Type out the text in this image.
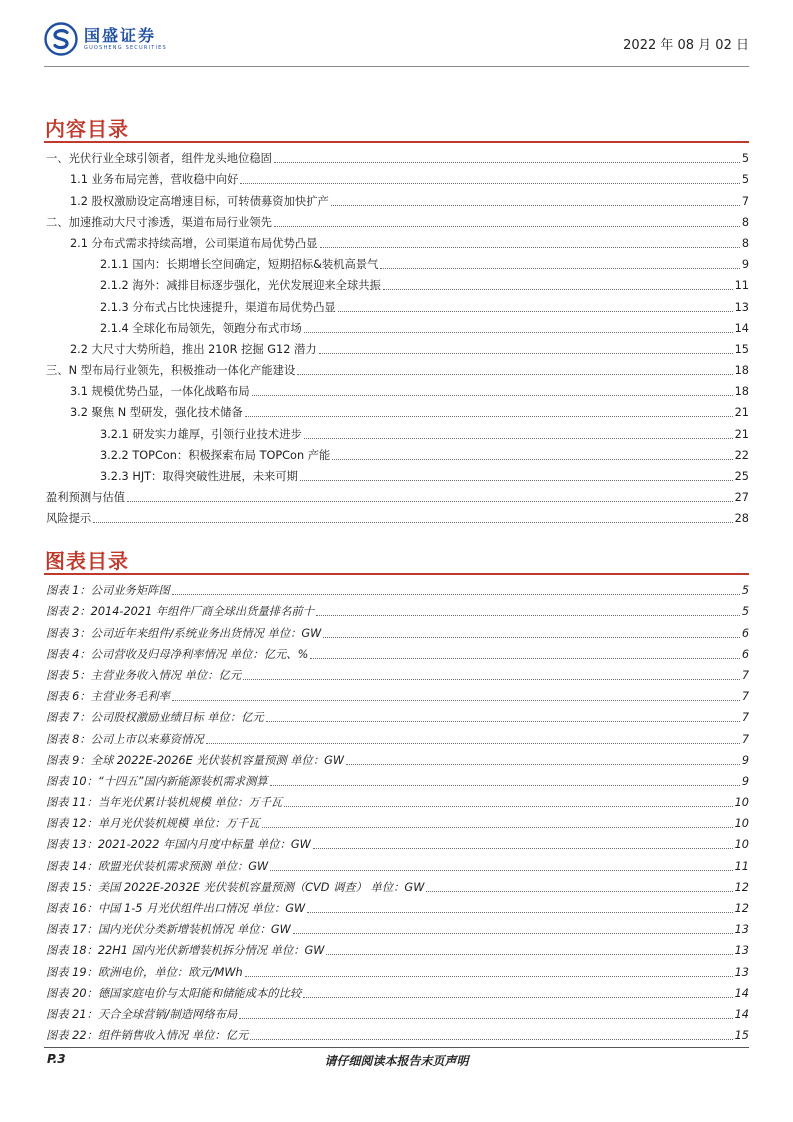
国盛证券
GUOSHENG SECURITIES	2022 年 08 月 02 日
内容目录
一、光伏行业全球引领者，组件龙头地位稳固	5
1.1 业务布局完善，营收稳中向好	5
1.2 股权激励设定高增速目标，可转债募资加快扩产	7
二、加速推动大尺寸渗透，渠道布局行业领先	8
2.1 分布式需求持续高增，公司渠道布局优势凸显	8
2.1.1 国内：长期增长空间确定，短期招标&装机高景气	9
2.1.2 海外：减排目标逐步强化，光伏发展迎来全球共振	11
2.1.3 分布式占比快速提升，渠道布局优势凸显	13
2.1.4 全球化布局领先，领跑分布式市场	14
2.2 大尺寸大势所趋，推出 210R 挖掘 G12 潜力	15
三、N 型布局行业领先，积极推动一体化产能建设	18
3.1 规模优势凸显，一体化战略布局	18
3.2 聚焦 N 型研发，强化技术储备	21
3.2.1 研发实力雄厚，引领行业技术进步	21
3.2.2 TOPCon：积极探索布局 TOPCon 产能	22
3.2.3 HJT：取得突破性进展，未来可期	25
盈利预测与估值	27
风险提示	28
图表目录
图表 1：公司业务矩阵图	5
图表 2：2014-2021 年组件厂商全球出货量排名前十	5
图表 3：公司近年来组件/系统业务出货情况 单位：GW	6
图表 4：公司营收及归母净利率情况 单位：亿元、%	6
图表 5：主营业务收入情况 单位：亿元	7
图表 6：主营业务毛利率	7
图表 7：公司股权激励业绩目标 单位：亿元	7
图表 8：公司上市以来募资情况	7
图表 9：全球 2022E-2026E 光伏装机容量预测 单位：GW	9
图表 10：“十四五”国内新能源装机需求测算	9
图表 11：当年光伏累计装机规模 单位：万千瓦	10
图表 12：单月光伏装机规模 单位：万千瓦	10
图表 13：2021-2022 年国内月度中标量 单位：GW	10
图表 14：欧盟光伏装机需求预测 单位：GW	11
图表 15：美国 2022E-2032E 光伏装机容量预测（CVD 调查） 单位：GW	12
图表 16：中国 1-5 月光伏组件出口情况 单位：GW	12
图表 17：国内光伏分类新增装机情况 单位：GW	13
图表 18：22H1 国内光伏新增装机拆分情况 单位：GW	13
图表 19：欧洲电价，单位：欧元/MWh	13
图表 20：德国家庭电价与太阳能和储能成本的比较	14
图表 21：天合全球营销/制造网络布局	14
图表 22：组件销售收入情况 单位：亿元	15
P.3	请仔细阅读本报告末页声明
